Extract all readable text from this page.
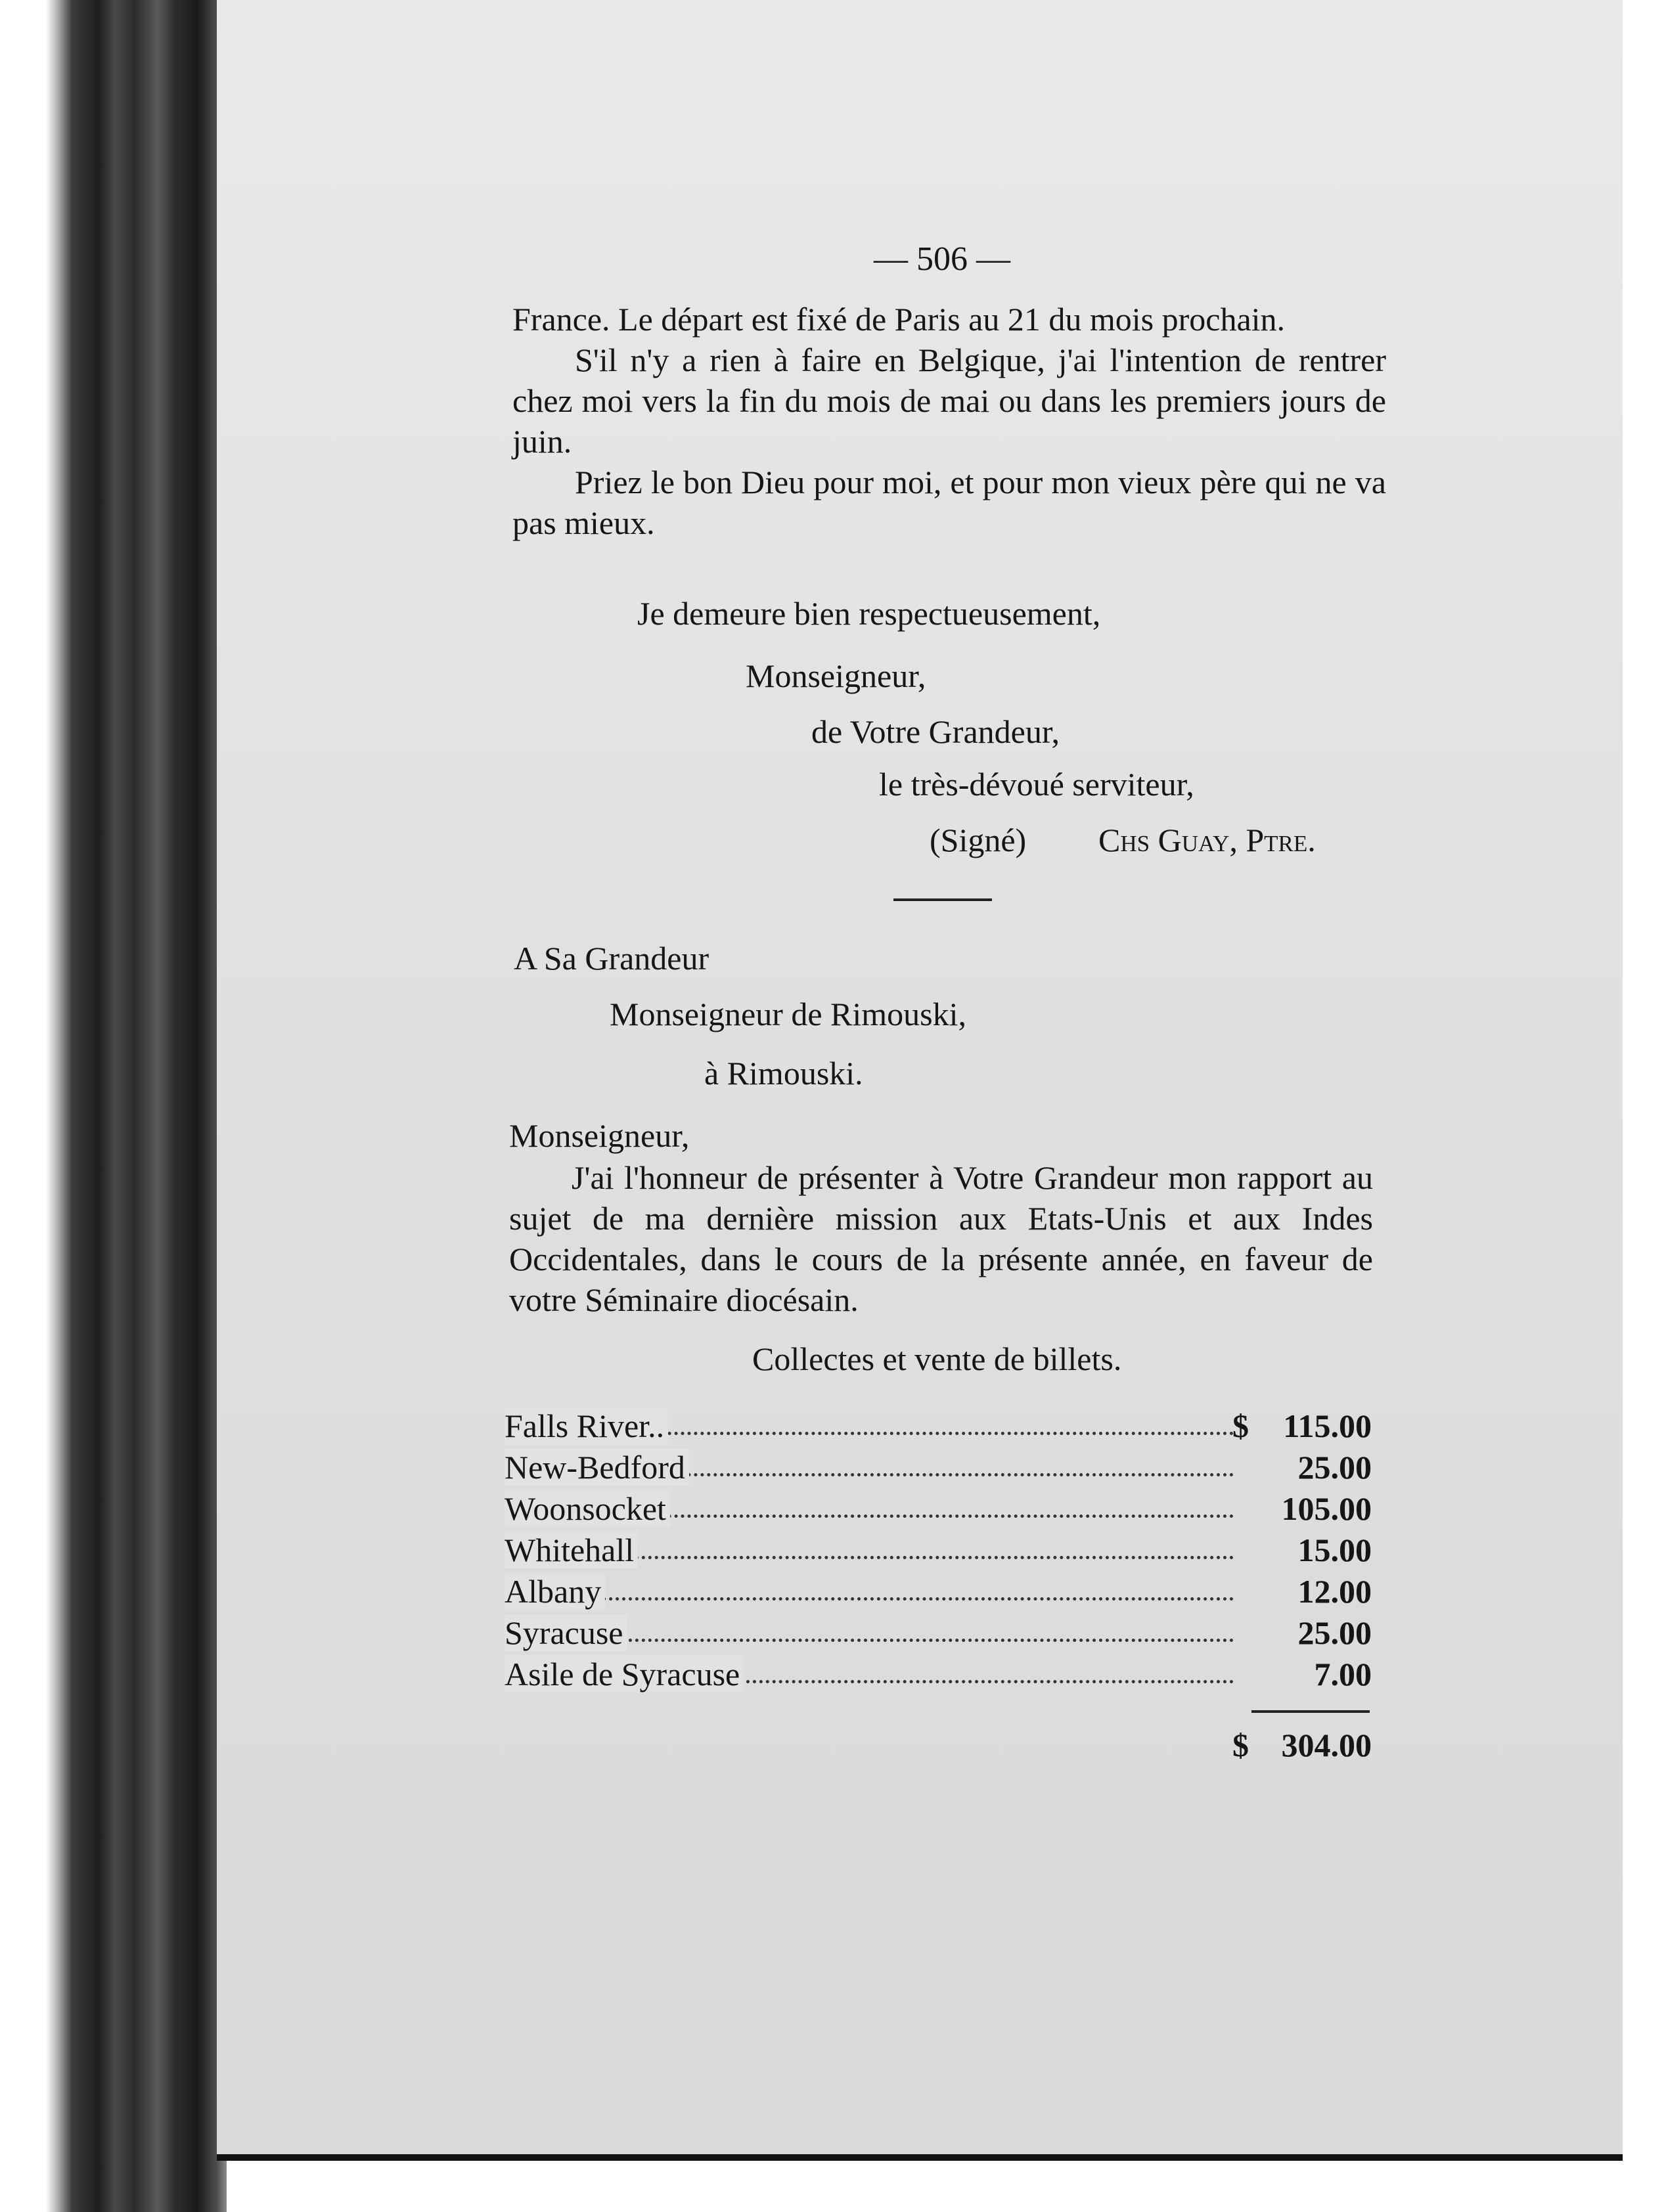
— 506 —

France. Le départ est fixé de Paris au 21 du mois prochain.

S'il n'y a rien à faire en Belgique, j'ai l'intention de rentrer chez moi vers la fin du mois de mai ou dans les premiers jours de juin.

Priez le bon Dieu pour moi, et pour mon vieux père qui ne va pas mieux.

Je demeure bien respectueusement,
Monseigneur,
de Votre Grandeur,
le très-dévoué serviteur,
(Signé) Chs Guay, Ptre.
A Sa Grandeur
Monseigneur de Rimouski,
à Rimouski.
Monseigneur,

J'ai l'honneur de présenter à Votre Grandeur mon rapport au sujet de ma dernière mission aux Etats-Unis et aux Indes Occidentales, dans le cours de la présente année, en faveur de votre Séminaire diocésain.

Collectes et vente de billets.
Falls River..	$ 115.00
New-Bedford	25.00
Woonsocket	105.00
Whitehall	15.00
Albany	12.00
Syracuse	25.00
Asile de Syracuse	7.00
$ 304.00
